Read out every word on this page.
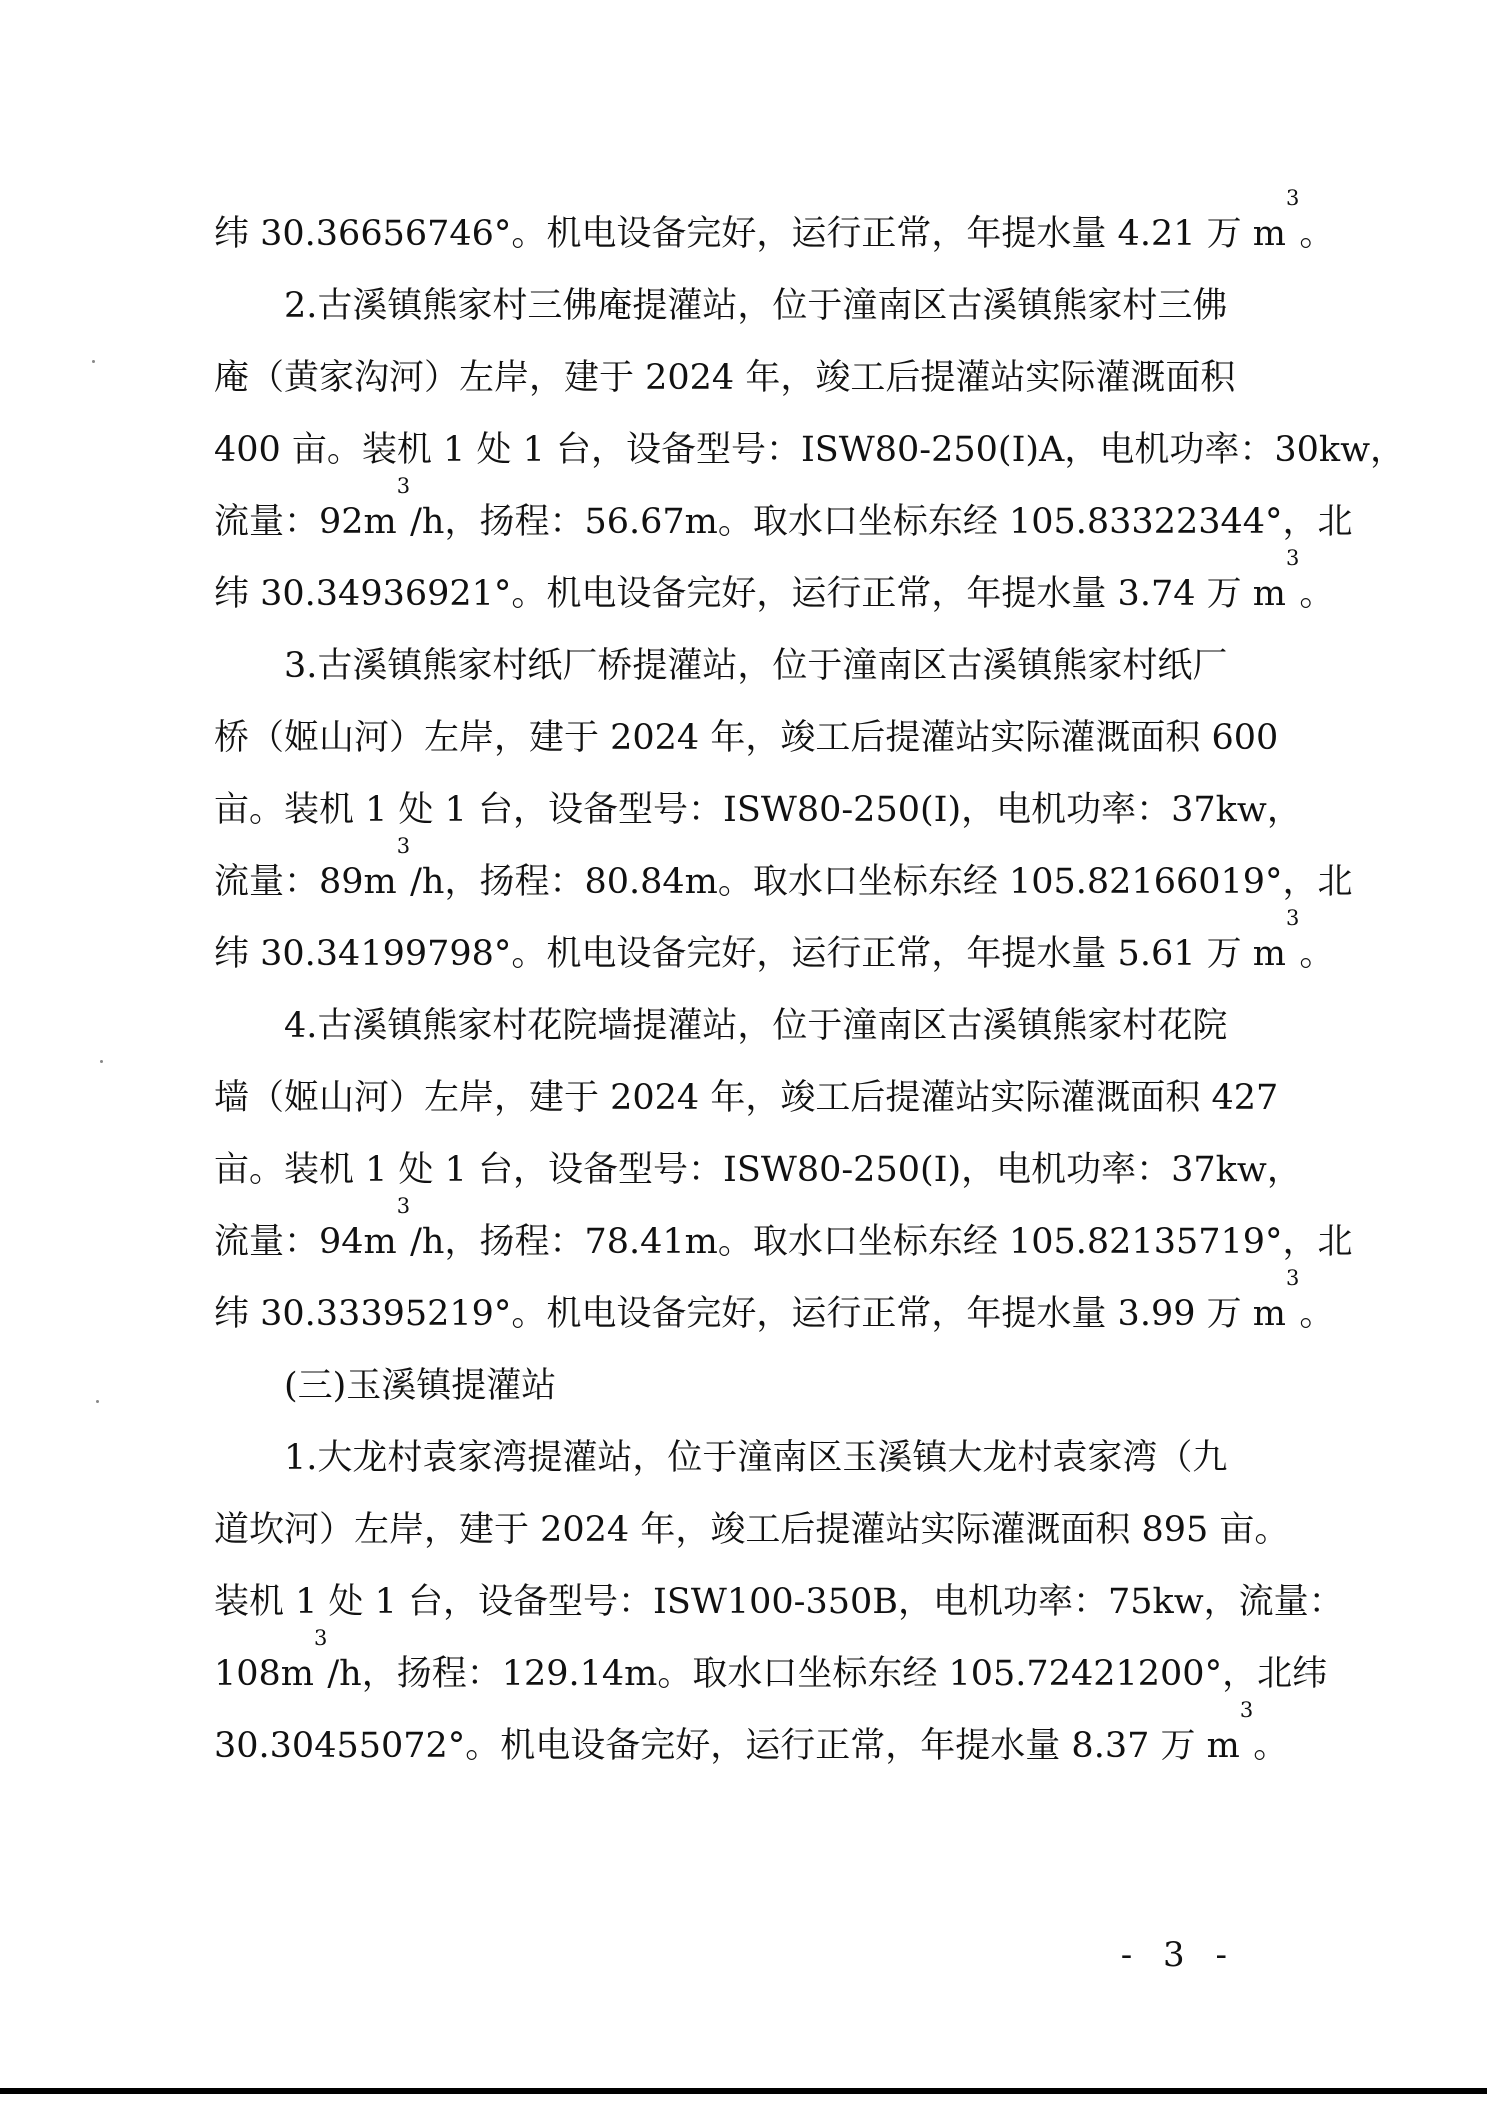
纬 30.36656746°。机电设备完好，运行正常，年提水量 4.21 万 m
3
。
2.古溪镇熊家村三佛庵提灌站，位于潼南区古溪镇熊家村三佛
庵（黄家沟河）左岸，建于 2024 年，竣工后提灌站实际灌溉面积
400 亩。装机 1 处 1 台，设备型号：ISW80-250(I)A，电机功率：30kw，
流量：92m
3
/h，扬程：56.67m。取水口坐标东经 105.83322344°，北
纬 30.34936921°。机电设备完好，运行正常，年提水量 3.74 万 m
3
。
3.古溪镇熊家村纸厂桥提灌站，位于潼南区古溪镇熊家村纸厂
桥（姬山河）左岸，建于 2024 年，竣工后提灌站实际灌溉面积 600
亩。装机 1 处 1 台，设备型号：ISW80-250(I)，电机功率：37kw，
流量：89m
3
/h，扬程：80.84m。取水口坐标东经 105.82166019°，北
纬 30.34199798°。机电设备完好，运行正常，年提水量 5.61 万 m
3
。
4.古溪镇熊家村花院墙提灌站，位于潼南区古溪镇熊家村花院
墙（姬山河）左岸，建于 2024 年，竣工后提灌站实际灌溉面积 427
亩。装机 1 处 1 台，设备型号：ISW80-250(I)，电机功率：37kw，
流量：94m
3
/h，扬程：78.41m。取水口坐标东经 105.82135719°，北
纬 30.33395219°。机电设备完好，运行正常，年提水量 3.99 万 m
3
。
(三)玉溪镇提灌站
1.大龙村袁家湾提灌站，位于潼南区玉溪镇大龙村袁家湾（九
道坎河）左岸，建于 2024 年，竣工后提灌站实际灌溉面积 895 亩。
装机 1 处 1 台，设备型号：ISW100-350B，电机功率：75kw，流量：
108m
3
/h，扬程：129.14m。取水口坐标东经 105.72421200°，北纬
30.30455072°。机电设备完好，运行正常，年提水量 8.37 万 m
3
。
- 3 -
